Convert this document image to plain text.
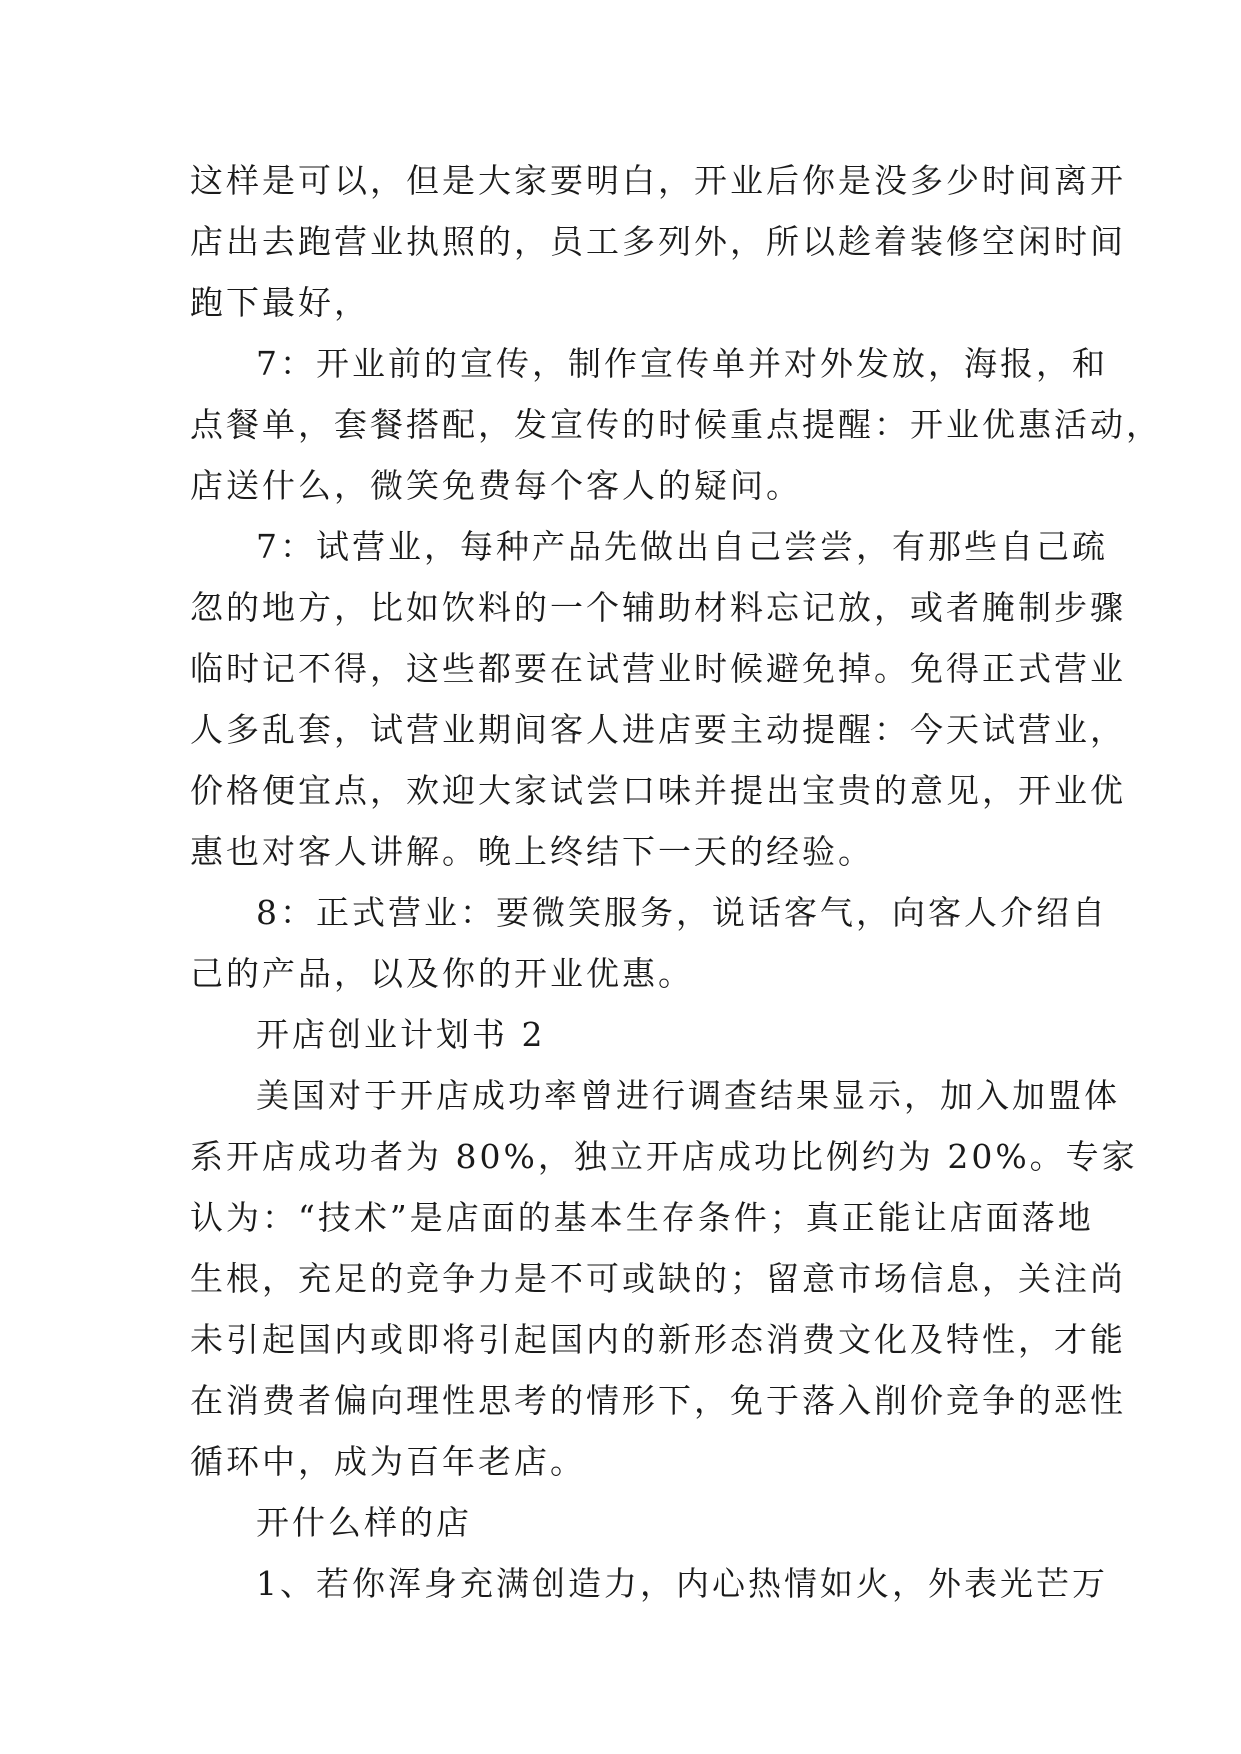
这样是可以，但是大家要明白，开业后你是没多少时间离开
店出去跑营业执照的，员工多列外，所以趁着装修空闲时间
跑下最好，

7：开业前的宣传，制作宣传单并对外发放，海报，和
点餐单，套餐搭配，发宣传的时候重点提醒：开业优惠活动，
店送什么，微笑免费每个客人的疑问。

7：试营业，每种产品先做出自己尝尝，有那些自己疏
忽的地方，比如饮料的一个辅助材料忘记放，或者腌制步骤
临时记不得，这些都要在试营业时候避免掉。免得正式营业
人多乱套，试营业期间客人进店要主动提醒：今天试营业，
价格便宜点，欢迎大家试尝口味并提出宝贵的意见，开业优
惠也对客人讲解。晚上终结下一天的经验。

8：正式营业：要微笑服务，说话客气，向客人介绍自
己的产品，以及你的开业优惠。

开店创业计划书 2

美国对于开店成功率曾进行调查结果显示，加入加盟体
系开店成功者为 80%，独立开店成功比例约为 20%。专家
认为：“技术”是店面的基本生存条件；真正能让店面落地
生根，充足的竞争力是不可或缺的；留意市场信息，关注尚
未引起国内或即将引起国内的新形态消费文化及特性，才能
在消费者偏向理性思考的情形下，免于落入削价竞争的恶性
循环中，成为百年老店。

开什么样的店

1、若你浑身充满创造力，内心热情如火，外表光芒万
